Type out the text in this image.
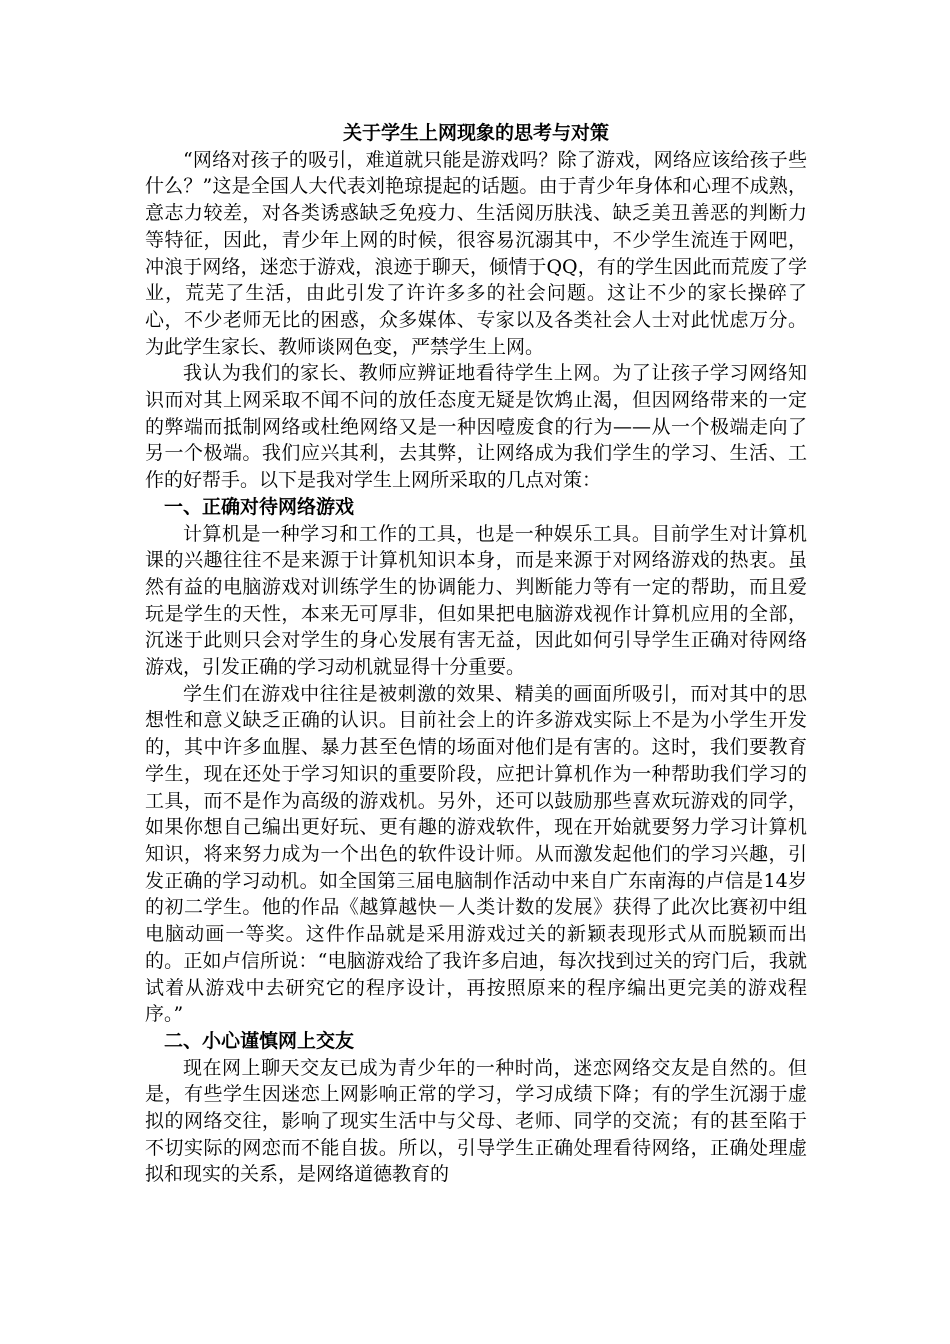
关于学生上网现象的思考与对策

“网络对孩子的吸引，难道就只能是游戏吗？除了游戏，网络应该给孩子些什么？”这是全国人大代表刘艳琼提起的话题。由于青少年身体和心理不成熟，意志力较差，对各类诱惑缺乏免疫力、生活阅历肤浅、缺乏美丑善恶的判断力等特征，因此，青少年上网的时候，很容易沉溺其中，不少学生流连于网吧，冲浪于网络，迷恋于游戏，浪迹于聊天，倾情于QQ，有的学生因此而荒废了学业，荒芜了生活，由此引发了许许多多的社会问题。这让不少的家长操碎了心，不少老师无比的困惑，众多媒体、专家以及各类社会人士对此忧虑万分。为此学生家长、教师谈网色变，严禁学生上网。

我认为我们的家长、教师应辨证地看待学生上网。为了让孩子学习网络知识而对其上网采取不闻不问的放任态度无疑是饮鸩止渴，但因网络带来的一定的弊端而抵制网络或杜绝网络又是一种因噎废食的行为——从一个极端走向了另一个极端。我们应兴其利，去其弊，让网络成为我们学生的学习、生活、工作的好帮手。以下是我对学生上网所采取的几点对策：

一、正确对待网络游戏

计算机是一种学习和工作的工具，也是一种娱乐工具。目前学生对计算机课的兴趣往往不是来源于计算机知识本身，而是来源于对网络游戏的热衷。虽然有益的电脑游戏对训练学生的协调能力、判断能力等有一定的帮助，而且爱玩是学生的天性，本来无可厚非，但如果把电脑游戏视作计算机应用的全部，沉迷于此则只会对学生的身心发展有害无益，因此如何引导学生正确对待网络游戏，引发正确的学习动机就显得十分重要。

学生们在游戏中往往是被刺激的效果、精美的画面所吸引，而对其中的思想性和意义缺乏正确的认识。目前社会上的许多游戏实际上不是为小学生开发的，其中许多血腥、暴力甚至色情的场面对他们是有害的。这时，我们要教育学生，现在还处于学习知识的重要阶段，应把计算机作为一种帮助我们学习的工具，而不是作为高级的游戏机。另外，还可以鼓励那些喜欢玩游戏的同学，如果你想自己编出更好玩、更有趣的游戏软件，现在开始就要努力学习计算机知识，将来努力成为一个出色的软件设计师。从而激发起他们的学习兴趣，引发正确的学习动机。如全国第三届电脑制作活动中来自广东南海的卢信是14岁的初二学生。他的作品《越算越快－人类计数的发展》获得了此次比赛初中组电脑动画一等奖。这件作品就是采用游戏过关的新颖表现形式从而脱颖而出的。正如卢信所说：“电脑游戏给了我许多启迪，每次找到过关的窍门后，我就试着从游戏中去研究它的程序设计，再按照原来的程序编出更完美的游戏程序。”

二、小心谨慎网上交友

现在网上聊天交友已成为青少年的一种时尚，迷恋网络交友是自然的。但是，有些学生因迷恋上网影响正常的学习，学习成绩下降；有的学生沉溺于虚拟的网络交往，影响了现实生活中与父母、老师、同学的交流；有的甚至陷于不切实际的网恋而不能自拔。所以，引导学生正确处理看待网络，正确处理虚拟和现实的关系，是网络道德教育的
